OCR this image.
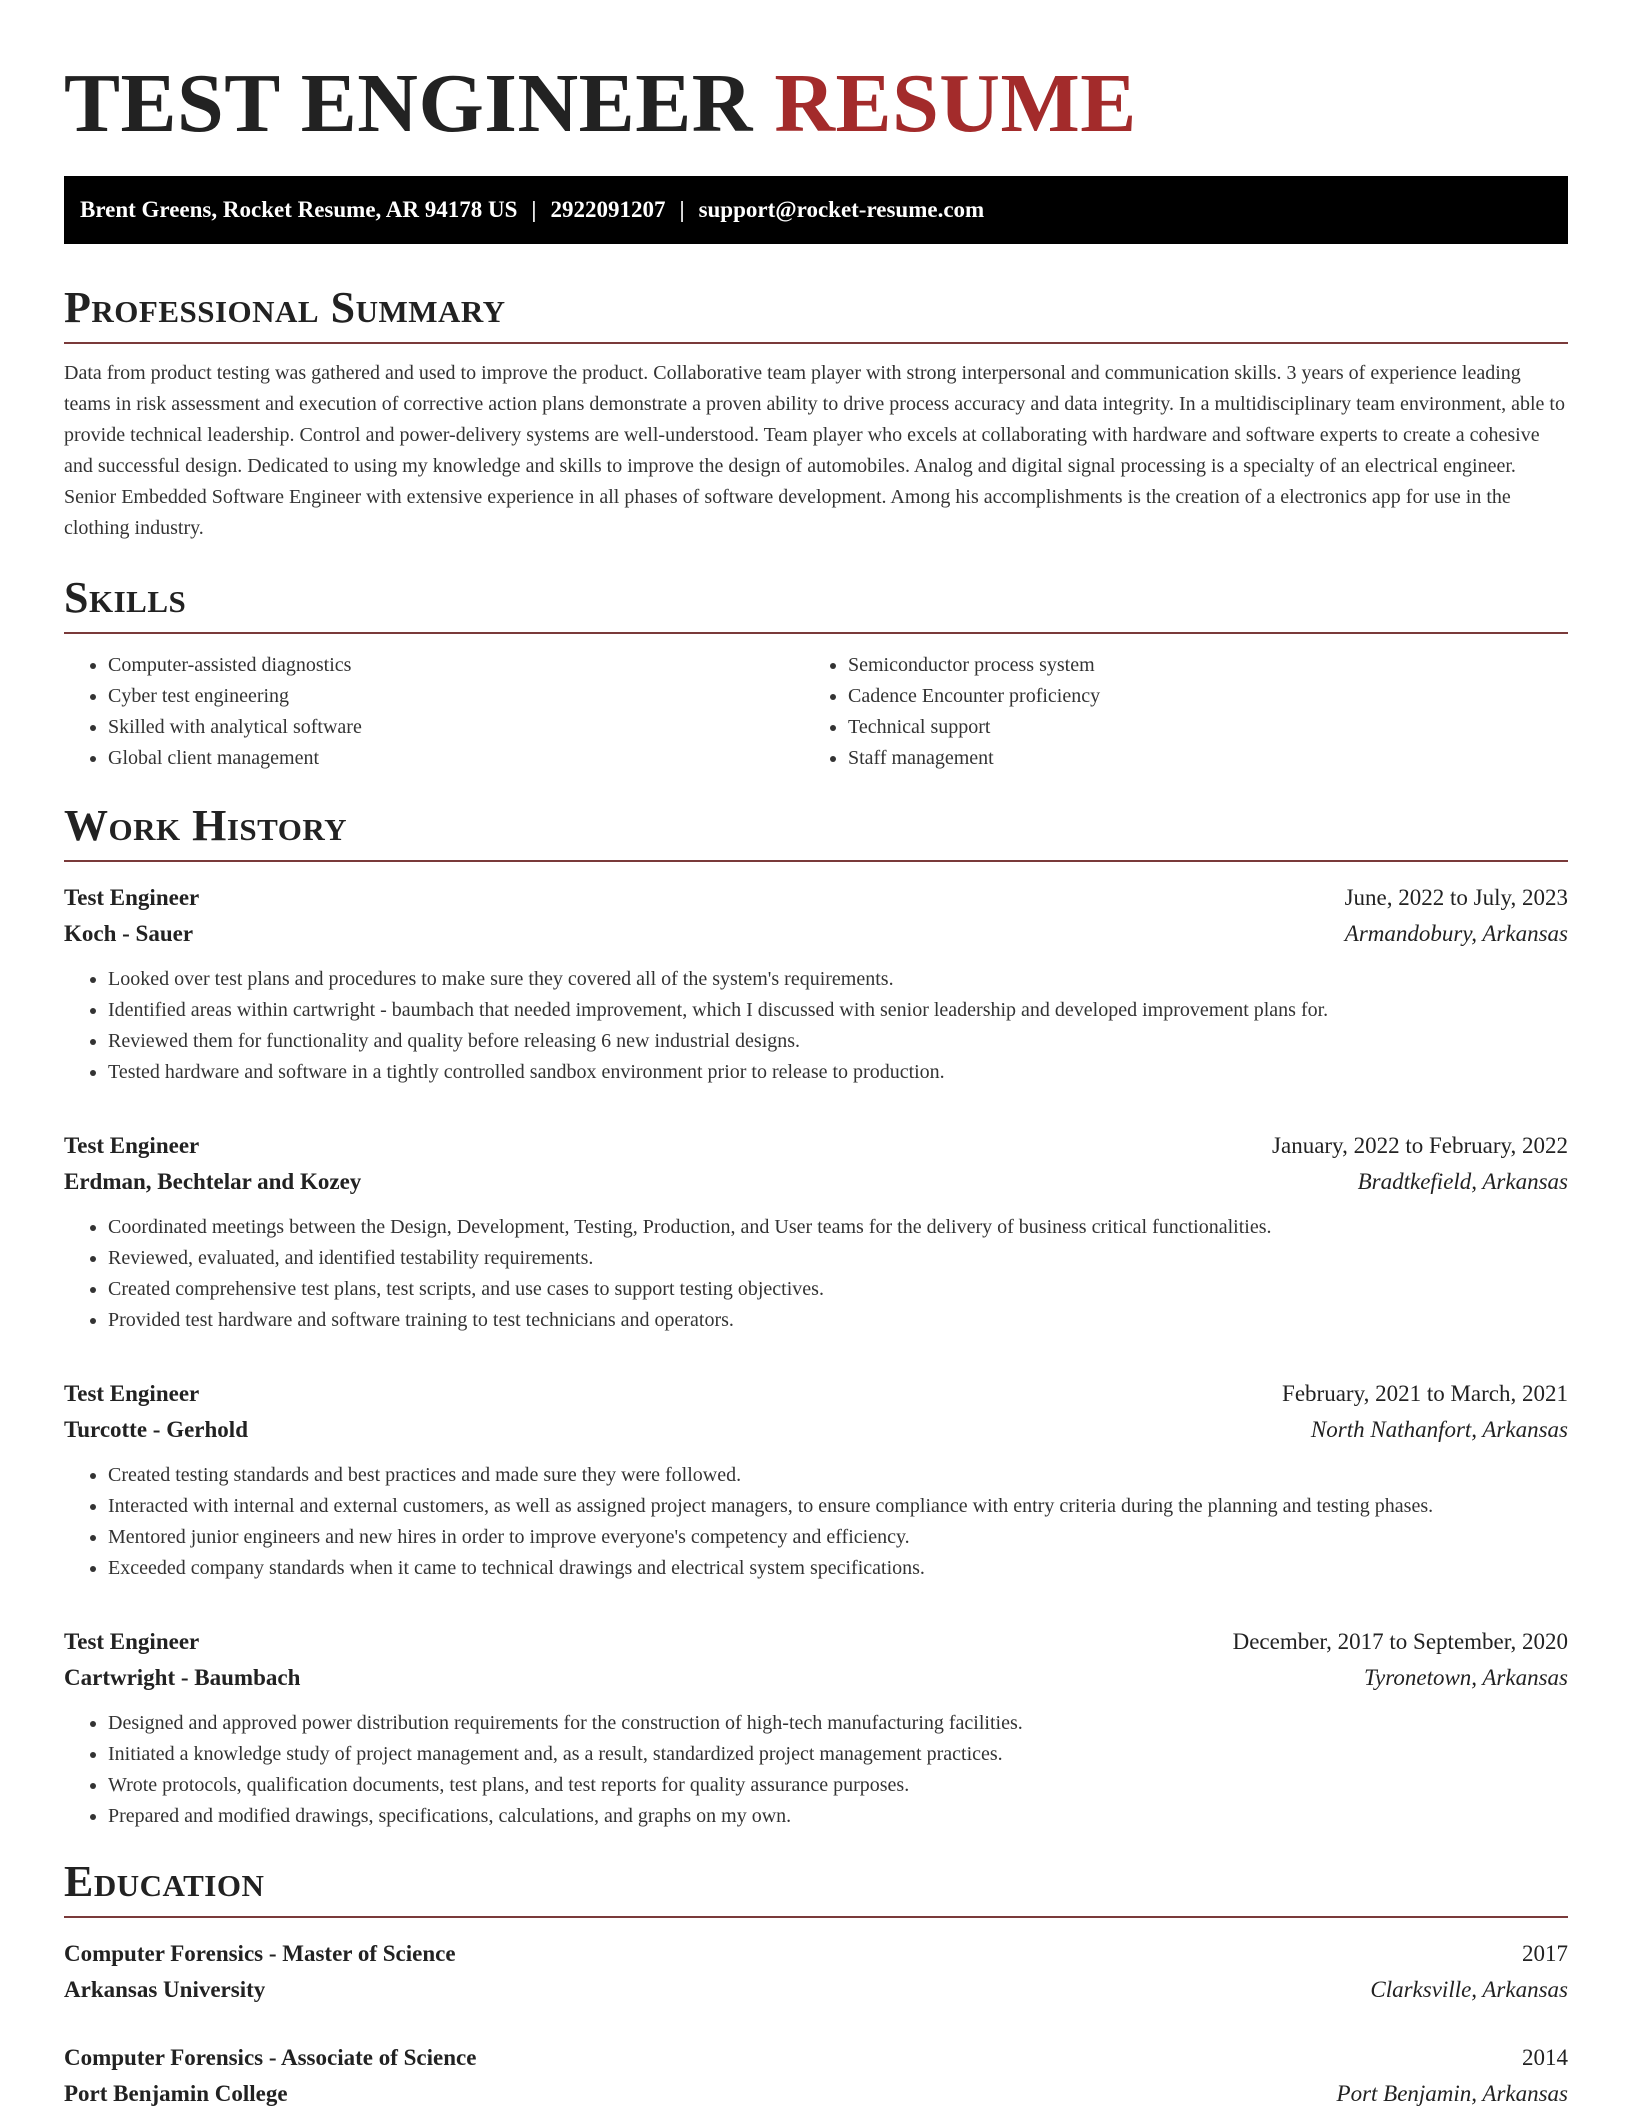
TEST ENGINEER RESUME
Brent Greens, Rocket Resume, AR 94178 US | 2922091207 | support@rocket-resume.com
Professional Summary

Data from product testing was gathered and used to improve the product. Collaborative team player with strong interpersonal and communication skills. 3 years of experience leading teams in risk assessment and execution of corrective action plans demonstrate a proven ability to drive process accuracy and data integrity. In a multidisciplinary team environment, able to provide technical leadership. Control and power-delivery systems are well-understood. Team player who excels at collaborating with hardware and software experts to create a cohesive and successful design. Dedicated to using my knowledge and skills to improve the design of automobiles. Analog and digital signal processing is a specialty of an electrical engineer. Senior Embedded Software Engineer with extensive experience in all phases of software development. Among his accomplishments is the creation of a electronics app for use in the clothing industry.

Skills
• Computer-assisted diagnostics
• Cyber test engineering
• Skilled with analytical software
• Global client management
• Semiconductor process system
• Cadence Encounter proficiency
• Technical support
• Staff management
Work History
Test Engineer	June, 2022 to July, 2023
Koch - Sauer	Armandobury, Arkansas
• Looked over test plans and procedures to make sure they covered all of the system's requirements.
• Identified areas within cartwright - baumbach that needed improvement, which I discussed with senior leadership and developed improvement plans for.
• Reviewed them for functionality and quality before releasing 6 new industrial designs.
• Tested hardware and software in a tightly controlled sandbox environment prior to release to production.
Test Engineer	January, 2022 to February, 2022
Erdman, Bechtelar and Kozey	Bradtkefield, Arkansas
• Coordinated meetings between the Design, Development, Testing, Production, and User teams for the delivery of business critical functionalities.
• Reviewed, evaluated, and identified testability requirements.
• Created comprehensive test plans, test scripts, and use cases to support testing objectives.
• Provided test hardware and software training to test technicians and operators.
Test Engineer	February, 2021 to March, 2021
Turcotte - Gerhold	North Nathanfort, Arkansas
• Created testing standards and best practices and made sure they were followed.
• Interacted with internal and external customers, as well as assigned project managers, to ensure compliance with entry criteria during the planning and testing phases.
• Mentored junior engineers and new hires in order to improve everyone's competency and efficiency.
• Exceeded company standards when it came to technical drawings and electrical system specifications.
Test Engineer	December, 2017 to September, 2020
Cartwright - Baumbach	Tyronetown, Arkansas
• Designed and approved power distribution requirements for the construction of high-tech manufacturing facilities.
• Initiated a knowledge study of project management and, as a result, standardized project management practices.
• Wrote protocols, qualification documents, test plans, and test reports for quality assurance purposes.
• Prepared and modified drawings, specifications, calculations, and graphs on my own.
Education
Computer Forensics - Master of Science	2017
Arkansas University	Clarksville, Arkansas
Computer Forensics - Associate of Science	2014
Port Benjamin College	Port Benjamin, Arkansas
